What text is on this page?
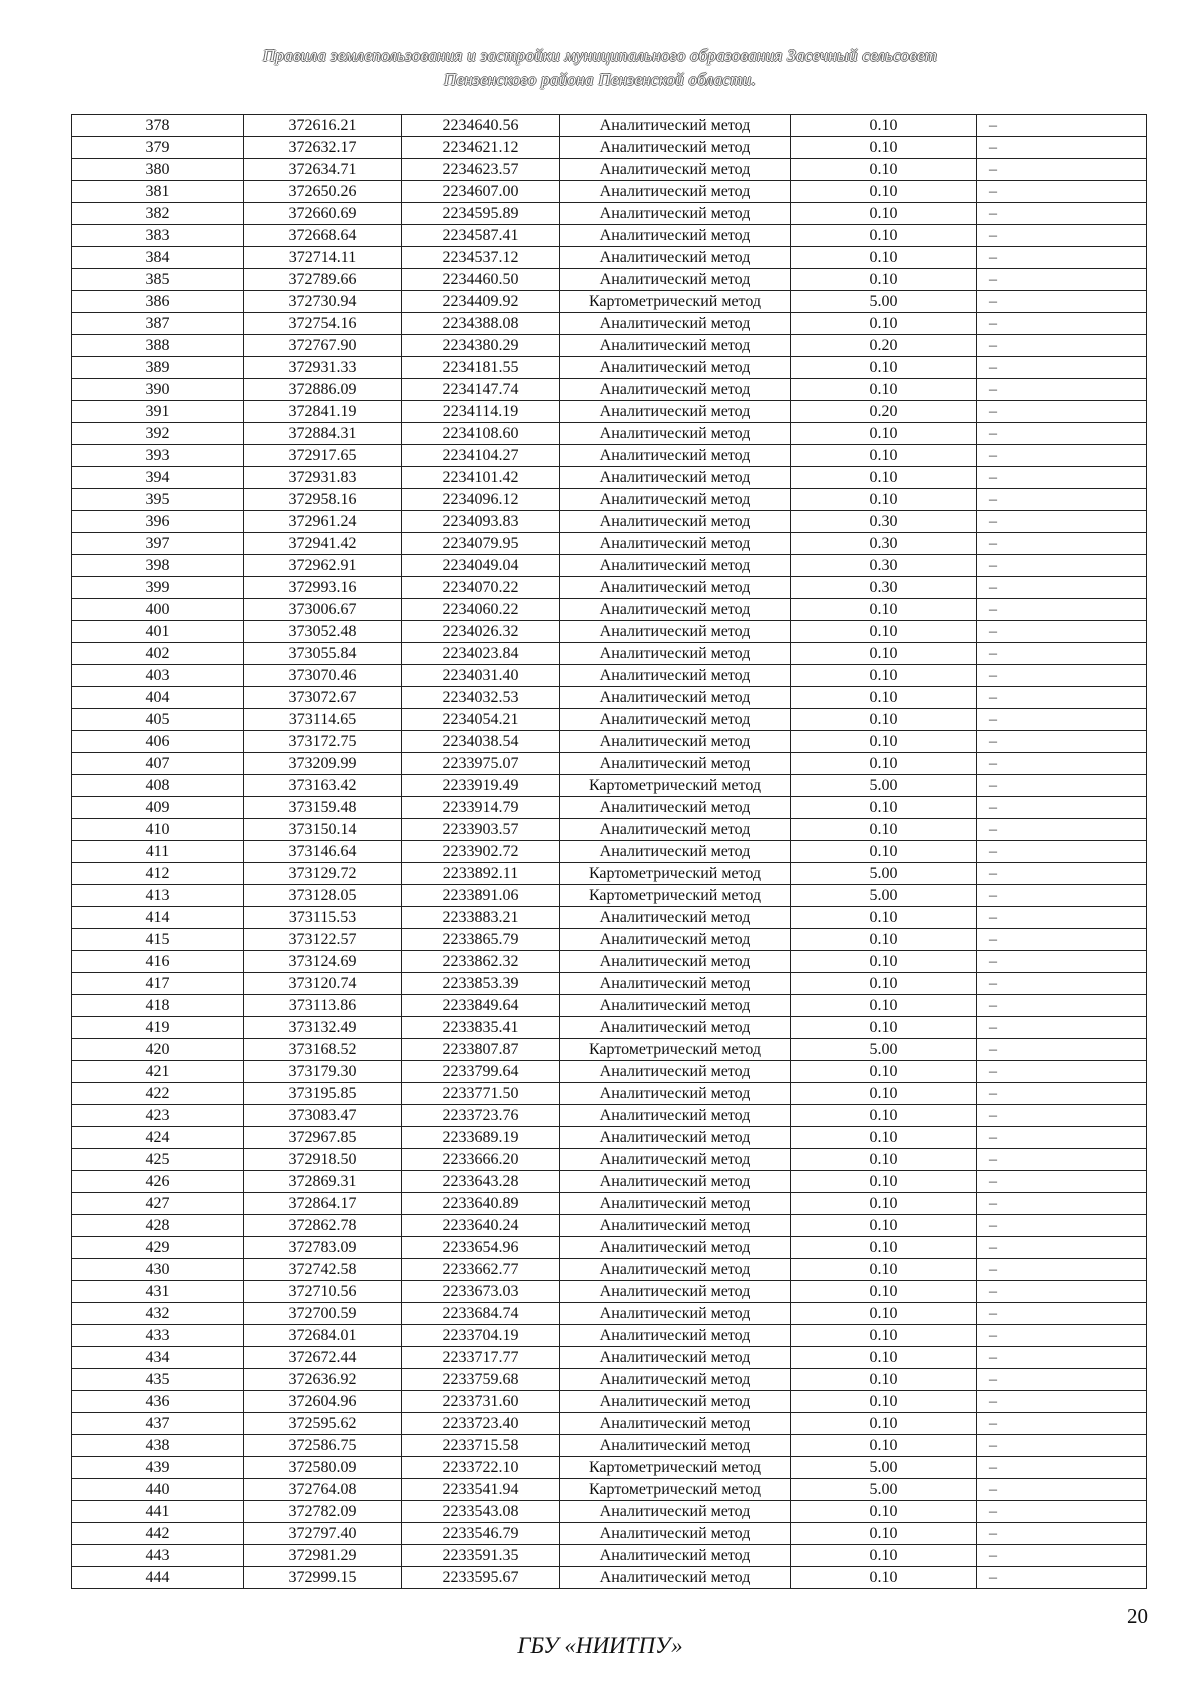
Правила землепользования и застройки муниципального образования Засечный сельсовет
Пензенского района Пензенской области.
378	372616.21	2234640.56	Аналитический метод	0.10	–
379	372632.17	2234621.12	Аналитический метод	0.10	–
380	372634.71	2234623.57	Аналитический метод	0.10	–
381	372650.26	2234607.00	Аналитический метод	0.10	–
382	372660.69	2234595.89	Аналитический метод	0.10	–
383	372668.64	2234587.41	Аналитический метод	0.10	–
384	372714.11	2234537.12	Аналитический метод	0.10	–
385	372789.66	2234460.50	Аналитический метод	0.10	–
386	372730.94	2234409.92	Картометрический метод	5.00	–
387	372754.16	2234388.08	Аналитический метод	0.10	–
388	372767.90	2234380.29	Аналитический метод	0.20	–
389	372931.33	2234181.55	Аналитический метод	0.10	–
390	372886.09	2234147.74	Аналитический метод	0.10	–
391	372841.19	2234114.19	Аналитический метод	0.20	–
392	372884.31	2234108.60	Аналитический метод	0.10	–
393	372917.65	2234104.27	Аналитический метод	0.10	–
394	372931.83	2234101.42	Аналитический метод	0.10	–
395	372958.16	2234096.12	Аналитический метод	0.10	–
396	372961.24	2234093.83	Аналитический метод	0.30	–
397	372941.42	2234079.95	Аналитический метод	0.30	–
398	372962.91	2234049.04	Аналитический метод	0.30	–
399	372993.16	2234070.22	Аналитический метод	0.30	–
400	373006.67	2234060.22	Аналитический метод	0.10	–
401	373052.48	2234026.32	Аналитический метод	0.10	–
402	373055.84	2234023.84	Аналитический метод	0.10	–
403	373070.46	2234031.40	Аналитический метод	0.10	–
404	373072.67	2234032.53	Аналитический метод	0.10	–
405	373114.65	2234054.21	Аналитический метод	0.10	–
406	373172.75	2234038.54	Аналитический метод	0.10	–
407	373209.99	2233975.07	Аналитический метод	0.10	–
408	373163.42	2233919.49	Картометрический метод	5.00	–
409	373159.48	2233914.79	Аналитический метод	0.10	–
410	373150.14	2233903.57	Аналитический метод	0.10	–
411	373146.64	2233902.72	Аналитический метод	0.10	–
412	373129.72	2233892.11	Картометрический метод	5.00	–
413	373128.05	2233891.06	Картометрический метод	5.00	–
414	373115.53	2233883.21	Аналитический метод	0.10	–
415	373122.57	2233865.79	Аналитический метод	0.10	–
416	373124.69	2233862.32	Аналитический метод	0.10	–
417	373120.74	2233853.39	Аналитический метод	0.10	–
418	373113.86	2233849.64	Аналитический метод	0.10	–
419	373132.49	2233835.41	Аналитический метод	0.10	–
420	373168.52	2233807.87	Картометрический метод	5.00	–
421	373179.30	2233799.64	Аналитический метод	0.10	–
422	373195.85	2233771.50	Аналитический метод	0.10	–
423	373083.47	2233723.76	Аналитический метод	0.10	–
424	372967.85	2233689.19	Аналитический метод	0.10	–
425	372918.50	2233666.20	Аналитический метод	0.10	–
426	372869.31	2233643.28	Аналитический метод	0.10	–
427	372864.17	2233640.89	Аналитический метод	0.10	–
428	372862.78	2233640.24	Аналитический метод	0.10	–
429	372783.09	2233654.96	Аналитический метод	0.10	–
430	372742.58	2233662.77	Аналитический метод	0.10	–
431	372710.56	2233673.03	Аналитический метод	0.10	–
432	372700.59	2233684.74	Аналитический метод	0.10	–
433	372684.01	2233704.19	Аналитический метод	0.10	–
434	372672.44	2233717.77	Аналитический метод	0.10	–
435	372636.92	2233759.68	Аналитический метод	0.10	–
436	372604.96	2233731.60	Аналитический метод	0.10	–
437	372595.62	2233723.40	Аналитический метод	0.10	–
438	372586.75	2233715.58	Аналитический метод	0.10	–
439	372580.09	2233722.10	Картометрический метод	5.00	–
440	372764.08	2233541.94	Картометрический метод	5.00	–
441	372782.09	2233543.08	Аналитический метод	0.10	–
442	372797.40	2233546.79	Аналитический метод	0.10	–
443	372981.29	2233591.35	Аналитический метод	0.10	–
444	372999.15	2233595.67	Аналитический метод	0.10	–
20
ГБУ «НИИТПУ»
